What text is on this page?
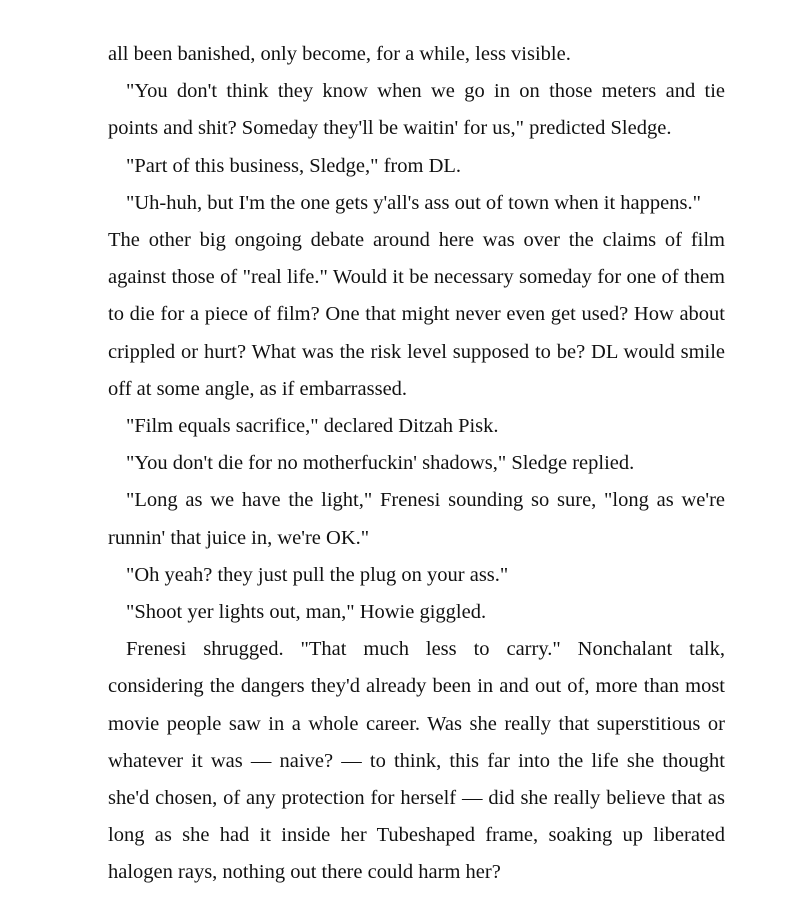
all been banished, only become, for a while, less visible.

"You don't think they know when we go in on those meters and tie points and shit? Someday they'll be waitin' for us," predicted Sledge.

"Part of this business, Sledge," from DL.

"Uh-huh, but I'm the one gets y'all's ass out of town when it happens."

The other big ongoing debate around here was over the claims of film against those of "real life." Would it be necessary someday for one of them to die for a piece of film? One that might never even get used? How about crippled or hurt? What was the risk level supposed to be? DL would smile off at some angle, as if embarrassed.

"Film equals sacrifice," declared Ditzah Pisk.

"You don't die for no motherfuckin' shadows," Sledge replied.

"Long as we have the light," Frenesi sounding so sure, "long as we're runnin' that juice in, we're OK."

"Oh yeah? they just pull the plug on your ass."

"Shoot yer lights out, man," Howie giggled.

Frenesi shrugged. "That much less to carry." Nonchalant talk, considering the dangers they'd already been in and out of, more than most movie people saw in a whole career. Was she really that superstitious or whatever it was — naive? — to think, this far into the life she thought she'd chosen, of any protection for herself — did she really believe that as long as she had it inside her Tubeshaped frame, soaking up liberated halogen rays, nothing out there could harm her?
